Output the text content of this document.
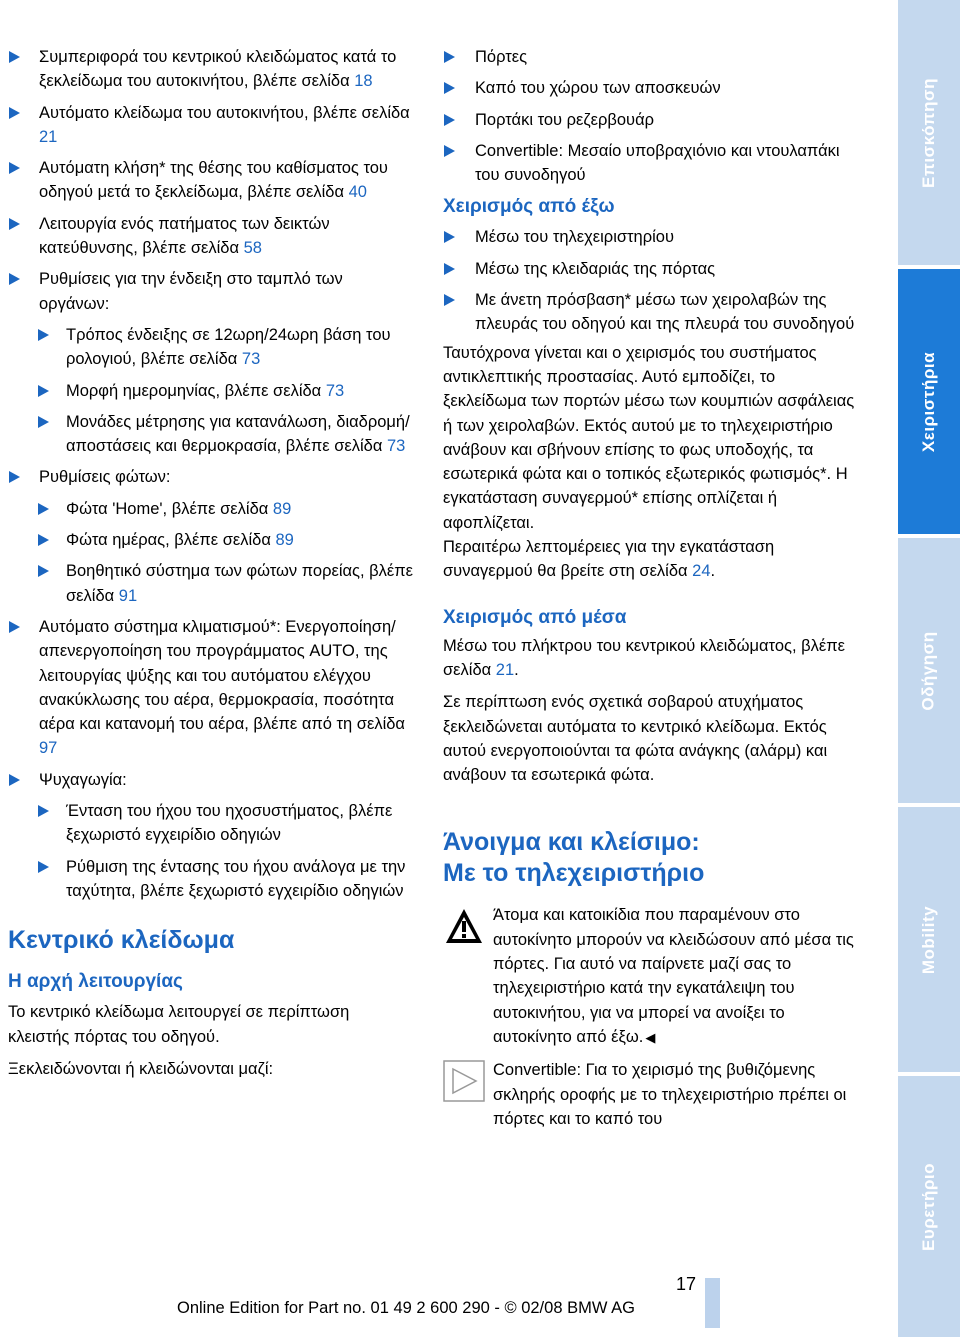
Συμπεριφορά του κεντρικού κλειδώματος κατά το ξεκλείδωμα του αυτοκινήτου, βλέπε σελίδα 18
Αυτόματο κλείδωμα του αυτοκινήτου, βλέπε σελίδα 21
Αυτόματη κλήση* της θέσης του καθίσματος του οδηγού μετά το ξεκλείδωμα, βλέπε σελίδα 40
Λειτουργία ενός πατήματος των δεικτών κατεύθυνσης, βλέπε σελίδα 58
Ρυθμίσεις για την ένδειξη στο ταμπλό των οργάνων:
Τρόπος ένδειξης σε 12ωρη/24ωρη βάση του ρολογιού, βλέπε σελίδα 73
Μορφή ημερομηνίας, βλέπε σελίδα 73
Μονάδες μέτρησης για κατανάλωση, διαδρομή/αποστάσεις και θερμοκρασία, βλέπε σελίδα 73
Ρυθμίσεις φώτων:
Φώτα 'Home', βλέπε σελίδα 89
Φώτα ημέρας, βλέπε σελίδα 89
Βοηθητικό σύστημα των φώτων πορείας, βλέπε σελίδα 91
Αυτόματο σύστημα κλιματισμού*: Ενεργοποίηση/απενεργοποίηση του προγράμματος AUTO, της λειτουργίας ψύξης και του αυτόματου ελέγχου ανακύκλωσης του αέρα, θερμοκρασία, ποσότητα αέρα και κατανομή του αέρα, βλέπε από τη σελίδα 97
Ψυχαγωγία:
Ένταση του ήχου του ηχοσυστήματος, βλέπε ξεχωριστό εγχειρίδιο οδηγιών
Ρύθμιση της έντασης του ήχου ανάλογα με την ταχύτητα, βλέπε ξεχωριστό εγχειρίδιο οδηγιών
Κεντρικό κλείδωμα
Η αρχή λειτουργίας
Το κεντρικό κλείδωμα λειτουργεί σε περίπτωση κλειστής πόρτας του οδηγού.
Ξεκλειδώνονται ή κλειδώνονται μαζί:
Πόρτες
Καπό του χώρου των αποσκευών
Πορτάκι του ρεζερβουάρ
Convertible: Μεσαίο υποβραχιόνιο και ντουλαπάκι του συνοδηγού
Χειρισμός από έξω
Μέσω του τηλεχειριστηρίου
Μέσω της κλειδαριάς της πόρτας
Με άνετη πρόσβαση* μέσω των χειρολαβών της πλευράς του οδηγού και της πλευρά του συνοδηγού
Ταυτόχρονα γίνεται και ο χειρισμός του συστήματος αντικλεπτικής προστασίας. Αυτό εμποδίζει, το ξεκλείδωμα των πορτών μέσω των κουμπιών ασφάλειας ή των χειρολαβών. Εκτός αυτού με το τηλεχειριστήριο ανάβουν και σβήνουν επίσης το φως υποδοχής, τα εσωτερικά φώτα και ο τοπικός εξωτερικός φωτισμός*. Η εγκατάσταση συναγερμού* επίσης οπλίζεται ή αφοπλίζεται.
Περαιτέρω λεπτομέρειες για την εγκατάσταση συναγερμού θα βρείτε στη σελίδα 24.
Χειρισμός από μέσα
Μέσω του πλήκτρου του κεντρικού κλειδώματος, βλέπε σελίδα 21.
Σε περίπτωση ενός σχετικά σοβαρού ατυχήματος ξεκλειδώνεται αυτόματα το κεντρικό κλείδωμα. Εκτός αυτού ενεργοποιούνται τα φώτα ανάγκης (αλάρμ) και ανάβουν τα εσωτερικά φώτα.
Άνοιγμα και κλείσιμο:
Με το τηλεχειριστήριο
Άτομα και κατοικίδια που παραμένουν στο αυτοκίνητο μπορούν να κλειδώσουν από μέσα τις πόρτες. Για αυτό να παίρνετε μαζί σας το τηλεχειριστήριο κατά την εγκατάλειψη του αυτοκινήτου, για να μπορεί να ανοίξει το αυτοκίνητο από έξω. ◀
Convertible: Για το χειρισμό της βυθιζόμενης σκληρής οροφής με το τηλεχειριστήριο πρέπει οι πόρτες και το καπό του
Επισκόπηση
Χειριστήρια
Οδήγηση
Mobility
Ευρετήριο
17
Online Edition for Part no. 01 49 2 600 290 - © 02/08 BMW AG
